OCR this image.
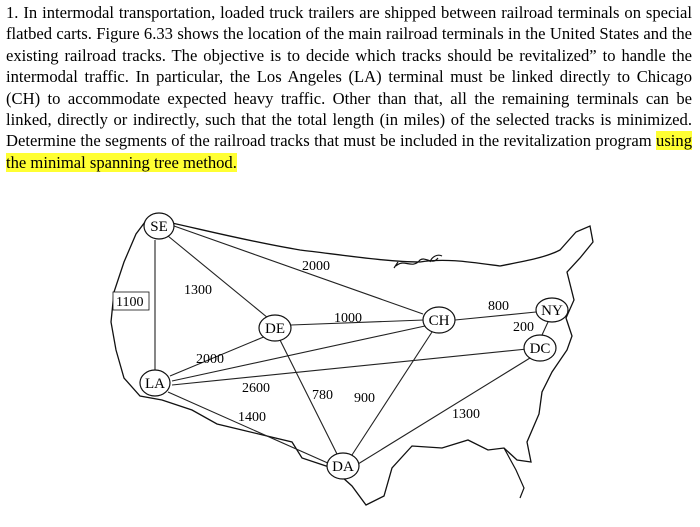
1. In intermodal transportation, loaded truck trailers are shipped between railroad terminals on special flatbed carts. Figure 6.33 shows the location of the main railroad terminals in the United States and the existing railroad tracks. The objective is to decide which tracks should be revitalized” to handle the intermodal traffic. In particular, the Los Angeles (LA) terminal must be linked directly to Chicago (CH) to accommodate expected heavy traffic. Other than that, all the remaining terminals can be linked, directly or indirectly, such that the total length (in miles) of the selected tracks is minimized. Determine the segments of the railroad tracks that must be included in the revitalization program using the minimal spanning tree method.

SE
LA
DE	CH
NY
DC
DA
1100
1300
2000
1000
2000
2600
1400
780 900
800
200
1300
